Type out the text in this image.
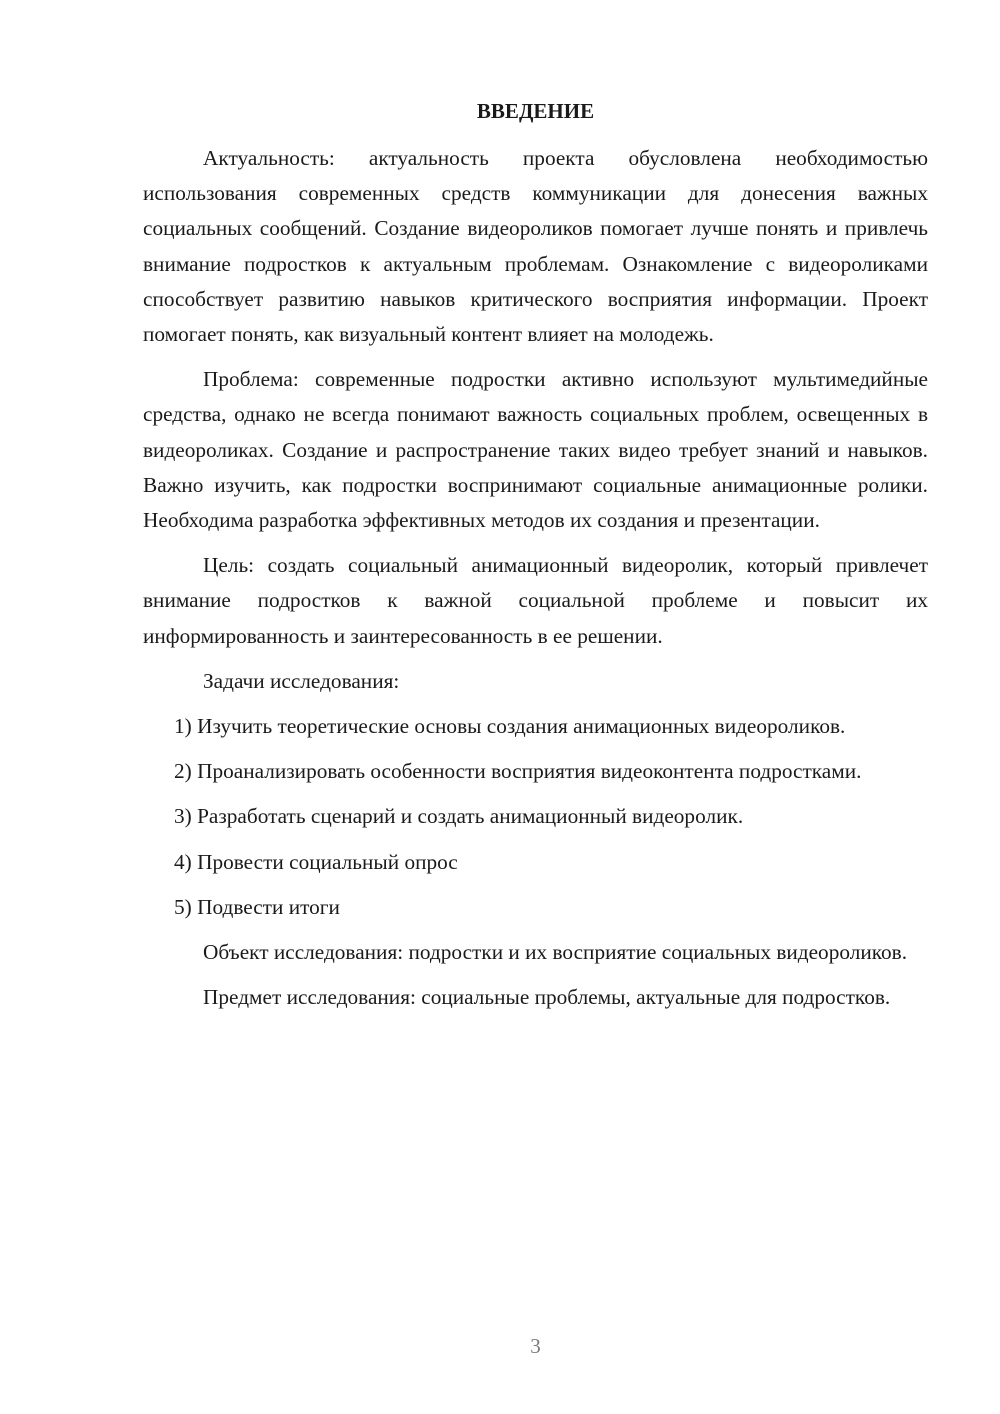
ВВЕДЕНИЕ

Актуальность: актуальность проекта обусловлена необходимостью использования современных средств коммуникации для донесения важных социальных сообщений. Создание видеороликов помогает лучше понять и привлечь внимание подростков к актуальным проблемам. Ознакомление с видеороликами способствует развитию навыков критического восприятия информации. Проект помогает понять, как визуальный контент влияет на молодежь.

Проблема: современные подростки активно используют мультимедийные средства, однако не всегда понимают важность социальных проблем, освещенных в видеороликах. Создание и распространение таких видео требует знаний и навыков. Важно изучить, как подростки воспринимают социальные анимационные ролики. Необходима разработка эффективных методов их создания и презентации.

Цель: создать социальный анимационный видеоролик, который привлечет внимание подростков к важной социальной проблеме и повысит их информированность и заинтересованность в ее решении.

Задачи исследования:

1) Изучить теоретические основы создания анимационных видеороликов.

2) Проанализировать особенности восприятия видеоконтента подростками.

3) Разработать сценарий и создать анимационный видеоролик.

4) Провести социальный опрос

5) Подвести итоги

Объект исследования: подростки и их восприятие социальных видеороликов.

Предмет исследования: социальные проблемы, актуальные для подростков.

3
